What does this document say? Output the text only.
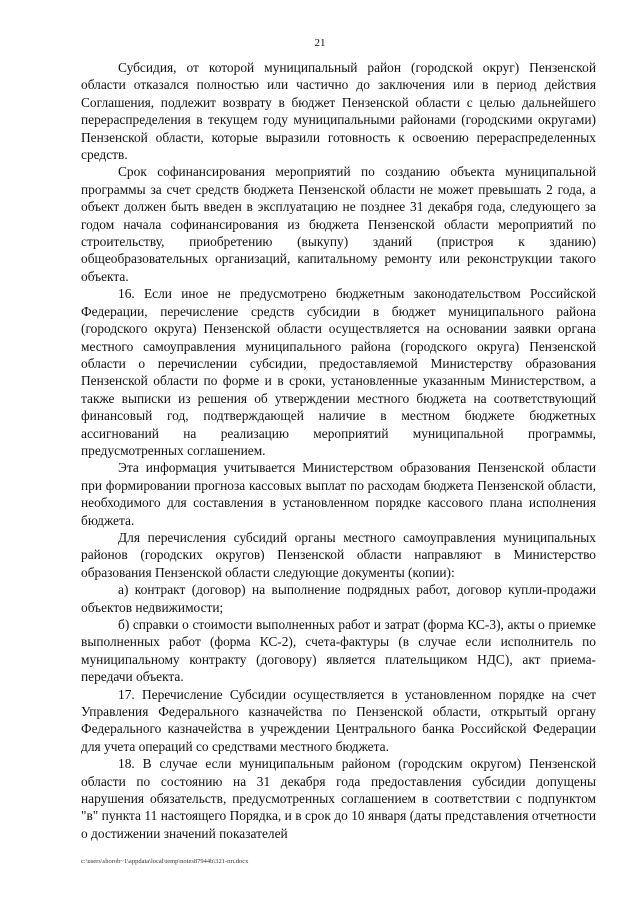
21

Субсидия, от которой муниципальный район (городской округ) Пензенской области отказался полностью или частично до заключения или в период действия Соглашения, подлежит возврату в бюджет Пензенской области с целью дальнейшего перераспределения в текущем году муниципальными районами (городскими округами) Пензенской области, которые выразили готовность к освоению перераспределенных средств.

Срок софинансирования мероприятий по созданию объекта муниципальной программы за счет средств бюджета Пензенской области не может превышать 2 года, а объект должен быть введен в эксплуатацию не позднее 31 декабря года, следующего за годом начала софинансирования из бюджета Пензенской области мероприятий по строительству, приобретению (выкупу) зданий (пристроя к зданию) общеобразовательных организаций, капитальному ремонту или реконструкции такого объекта.

16. Если иное не предусмотрено бюджетным законодательством Российской Федерации, перечисление средств субсидии в бюджет муниципального района (городского округа) Пензенской области осуществляется на основании заявки органа местного самоуправления муниципального района (городского округа) Пензенской области о перечислении субсидии, предоставляемой Министерству образования Пензенской области по форме и в сроки, установленные указанным Министерством, а также выписки из решения об утверждении местного бюджета на соответствующий финансовый год, подтверждающей наличие в местном бюджете бюджетных ассигнований на реализацию мероприятий муниципальной программы, предусмотренных соглашением.

Эта информация учитывается Министерством образования Пензенской области при формировании прогноза кассовых выплат по расходам бюджета Пензенской области, необходимого для составления в установленном порядке кассового плана исполнения бюджета.

Для перечисления субсидий органы местного самоуправления муниципальных районов (городских округов) Пензенской области направляют в Министерство образования Пензенской области следующие документы (копии):

а) контракт (договор) на выполнение подрядных работ, договор купли-продажи объектов недвижимости;

б) справки о стоимости выполненных работ и затрат (форма КС-3), акты о приемке выполненных работ (форма КС-2), счета-фактуры (в случае если исполнитель по муниципальному контракту (договору) является плательщиком НДС), акт приема-передачи объекта.

17. Перечисление Субсидии осуществляется в установленном порядке на счет Управления Федерального казначейства по Пензенской области, открытый органу Федерального казначейства в учреждении Центрального банка Российской Федерации для учета операций со средствами местного бюджета.

18. В случае если муниципальным районом (городским округом) Пензенской области по состоянию на 31 декабря года предоставления субсидии допущены нарушения обязательств, предусмотренных соглашением в соответствии с подпунктом "в" пункта 11 настоящего Порядка, и в срок до 10 января (даты представления отчетности о достижении значений показателей

c:\users\shorob~1\appdata\local\temp\notes87944b\321-пп.docx
